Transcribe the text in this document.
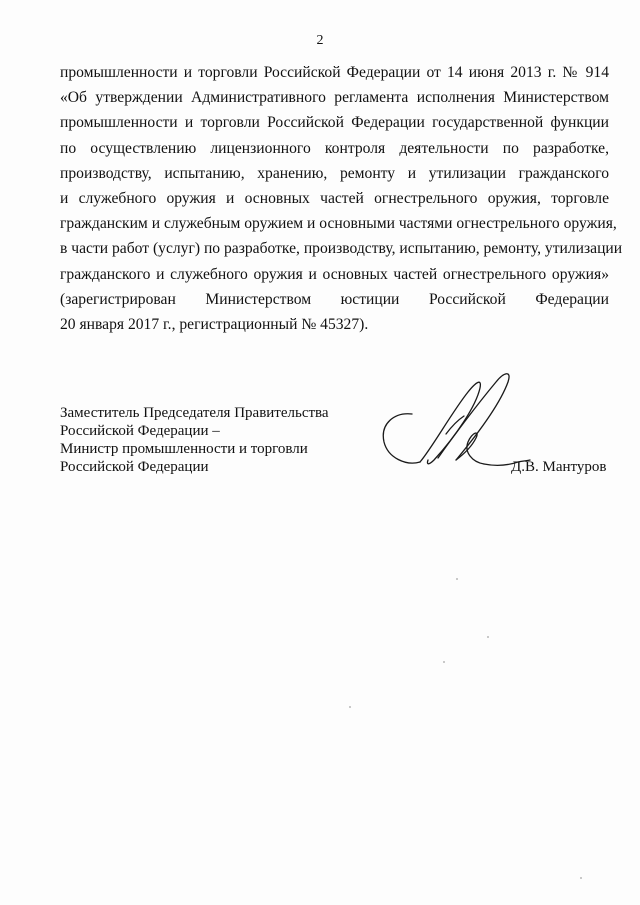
2
промышленности и торговли Российской Федерации от 14 июня 2013 г. № 914
«Об утверждении Административного регламента исполнения Министерством
промышленности и торговли Российской Федерации государственной функции
по осуществлению лицензионного контроля деятельности по разработке,
производству, испытанию, хранению, ремонту и утилизации гражданского
и служебного оружия и основных частей огнестрельного оружия, торговле
гражданским и служебным оружием и основными частями огнестрельного оружия,
в части работ (услуг) по разработке, производству, испытанию, ремонту, утилизации
гражданского и служебного оружия и основных частей огнестрельного оружия»
(зарегистрирован Министерством юстиции Российской Федерации
20 января 2017 г., регистрационный № 45327).
Заместитель Председателя Правительства
Российской Федерации –
Министр промышленности и торговли
Российской Федерации	Д.В. Мантуров
